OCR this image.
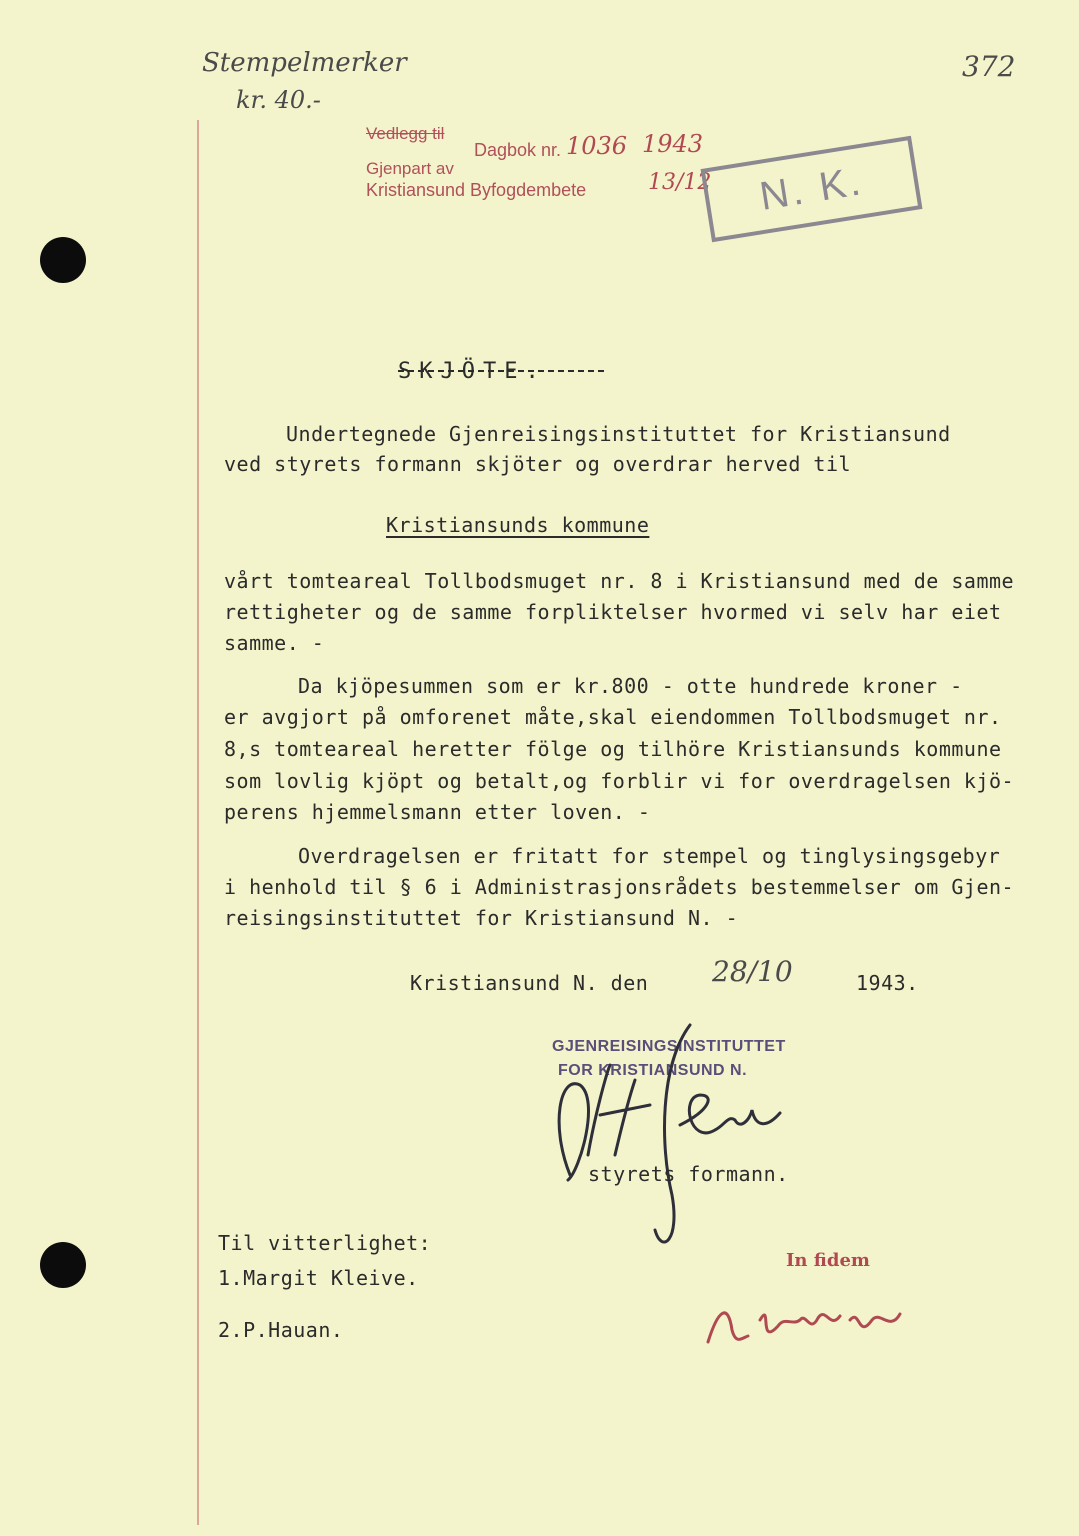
Stempelmerker
kr. 40.-
372
Vedlegg til
Dagbok nr. 1036 1943
Gjenpart av
Kristiansund Byfogdembete	13/12	N. K.
SKJÖTE.
Undertegnede Gjenreisingsinstituttet for Kristiansund
ved styrets formann skjöter og overdrar herved til
Kristiansunds kommune
vårt tomteareal Tollbodsmuget nr. 8 i Kristiansund med de samme
rettigheter og de samme forpliktelser hvormed vi selv har eiet
samme. -
Da kjöpesummen som er kr.800 - otte hundrede kroner -
er avgjort på omforenet måte,skal eiendommen Tollbodsmuget nr.
8,s tomteareal heretter fölge og tilhöre Kristiansunds kommune
som lovlig kjöpt og betalt,og forblir vi for overdragelsen kjö-
perens hjemmelsmann etter loven. -
Overdragelsen er fritatt for stempel og tinglysingsgebyr
i henhold til § 6 i Administrasjonsrådets bestemmelser om Gjen-
reisingsinstituttet for Kristiansund N. -
Kristiansund N. den 28/10	1943.
GJENREISINGSINSTITUTTET
FOR KRISTIANSUND N.
styrets formann.
Til vitterlighet:
1.Margit Kleive.
2.P.Hauan.
In fidem
